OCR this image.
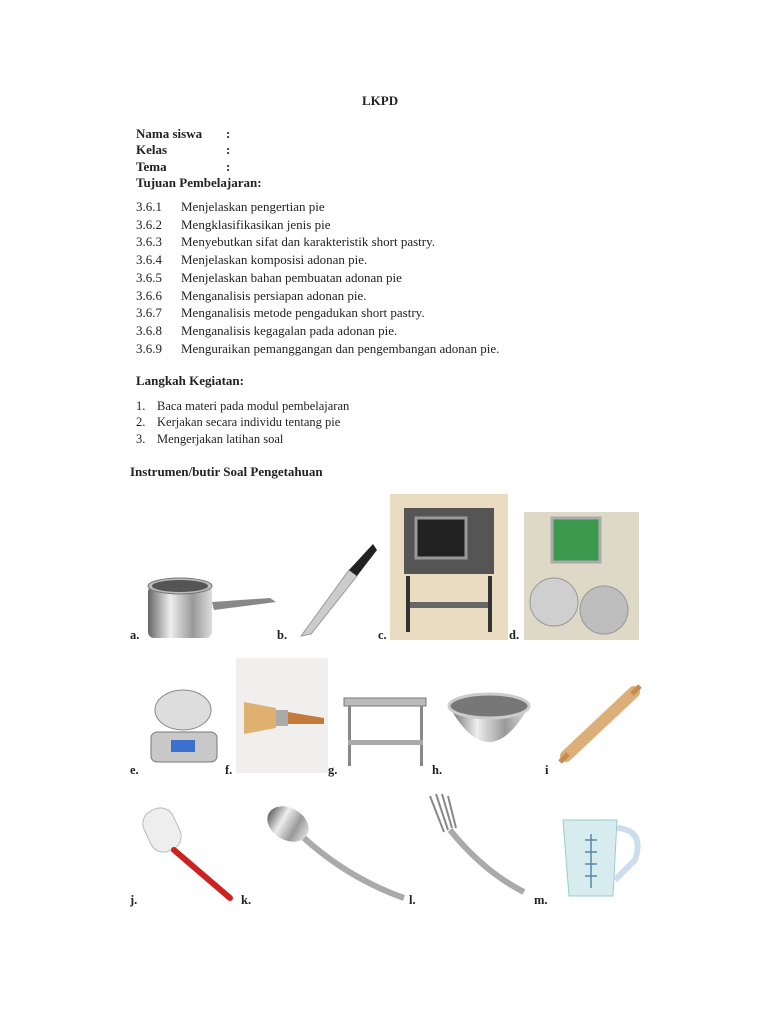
LKPD
Nama siswa :
Kelas	:
Tema	:
Tujuan Pembelajaran:
3.6.1 Menjelaskan pengertian pie
3.6.2 Mengklasifikasikan jenis pie
3.6.3 Menyebutkan sifat dan karakteristik short pastry.
3.6.4 Menjelaskan komposisi adonan pie.
3.6.5 Menjelaskan bahan pembuatan adonan pie
3.6.6 Menganalisis persiapan adonan pie.
3.6.7 Menganalisis metode pengadukan short pastry.
3.6.8 Menganalisis kegagalan pada adonan pie.
3.6.9 Menguraikan pemanggangan dan pengembangan adonan pie.
Langkah Kegiatan:
1. Baca materi pada modul pembelajaran
2. Kerjakan secara individu tentang pie
3. Mengerjakan latihan soal
Instrumen/butir Soal Pengetahuan
a.	b.	c.	d.
e.	f.	g.	h.	i
j.	k.	l.	m.
